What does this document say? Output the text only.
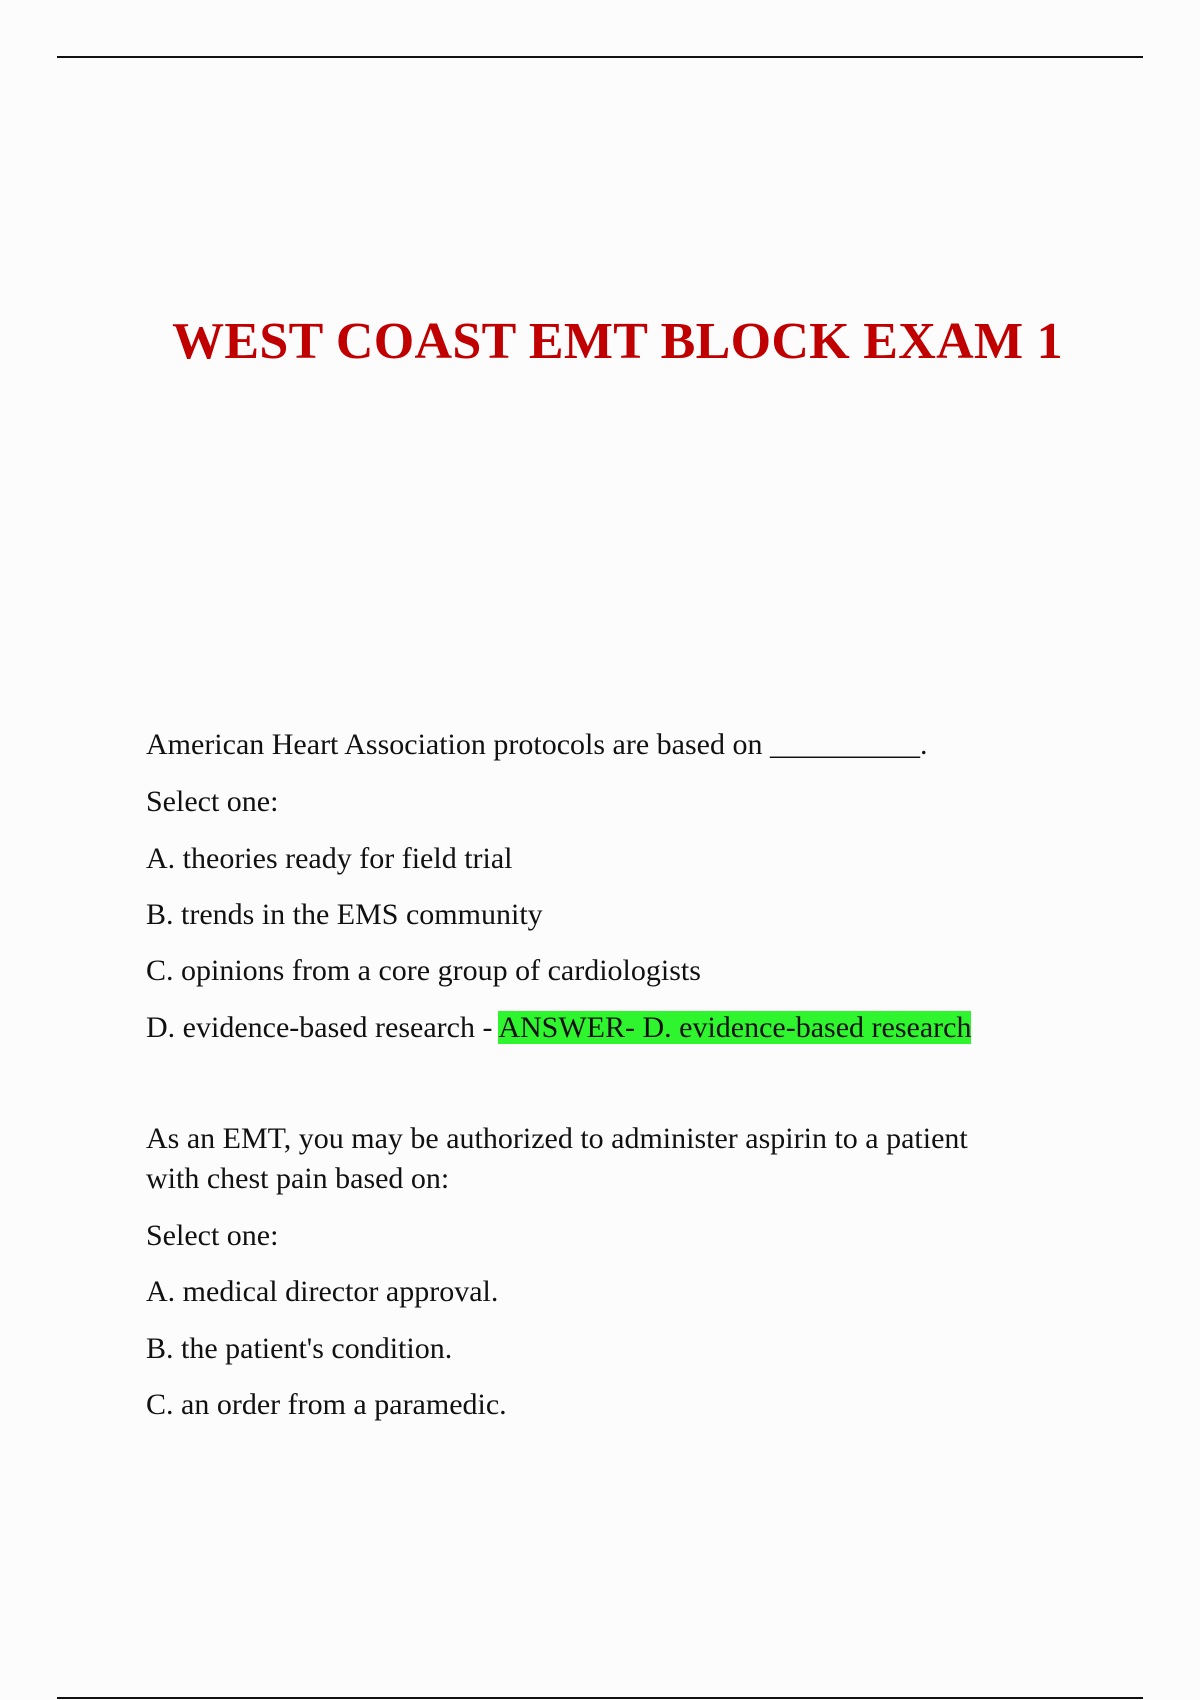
WEST COAST EMT BLOCK EXAM 1
American Heart Association protocols are based on __________.
Select one:
A. theories ready for field trial
B. trends in the EMS community
C. opinions from a core group of cardiologists
D. evidence-based research - ANSWER- D. evidence-based research
As an EMT, you may be authorized to administer aspirin to a patient
with chest pain based on:
Select one:
A. medical director approval.
B. the patient's condition.
C. an order from a paramedic.
